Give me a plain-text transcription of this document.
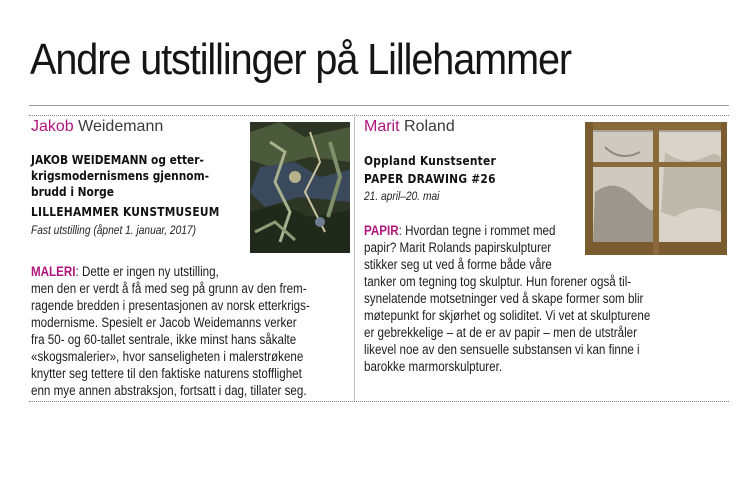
Andre utstillinger på Lillehammer
Jakob Weidemann
JAKOB WEIDEMANN og etter-
krigsmodernismens gjennom-
brudd i Norge
LILLEHAMMER KUNSTMUSEUM
Fast utstilling (åpnet 1. januar, 2017)
MALERI: Dette er ingen ny utstilling,
men den er verdt å få med seg på grunn av den frem-
ragende bredden i presentasjonen av norsk etterkrigs-
modernisme. Spesielt er Jacob Weidemanns verker
fra 50- og 60-tallet sentrale, ikke minst hans såkalte
«skogsmalerier», hvor sanseligheten i malerstrøkene
knytter seg tettere til den faktiske naturens stofflighet
enn mye annen abstraksjon, fortsatt i dag, tillater seg.
Marit Roland
Oppland Kunstsenter
PAPER DRAWING #26
21. april–20. mai
PAPIR: Hvordan tegne i rommet med
papir? Marit Rolands papirskulpturer
stikker seg ut ved å forme både våre
tanker om tegning tog skulptur. Hun forener også til-
synelatende motsetninger ved å skape former som blir
møtepunkt for skjørhet og soliditet. Vi vet at skulpturene
er gebrekkelige – at de er av papir – men de utstråler
likevel noe av den sensuelle substansen vi kan finne i
barokke marmorskulpturer.
